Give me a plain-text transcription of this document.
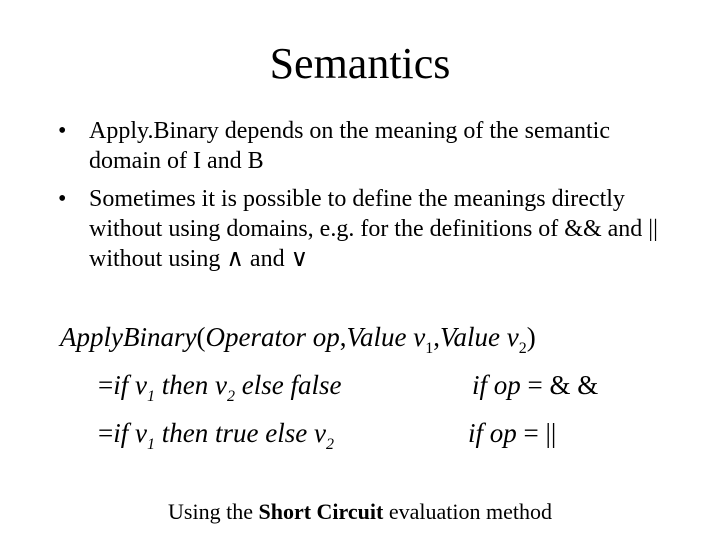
Semantics
• Apply.Binary depends on the meaning of the semantic domain of I and B
• Sometimes it is possible to define the meanings directly without using domains, e.g. for the definitions of && and || without using ∧ and ∨
ApplyBinary(Operator op,Value $v_1,Value$ $v_2$)
=if $v_1$ then $v_2$ else false	if op = & &
=if $v_1$ then true else $v_2$	if op = ||
Using the Short Circuit evaluation method
